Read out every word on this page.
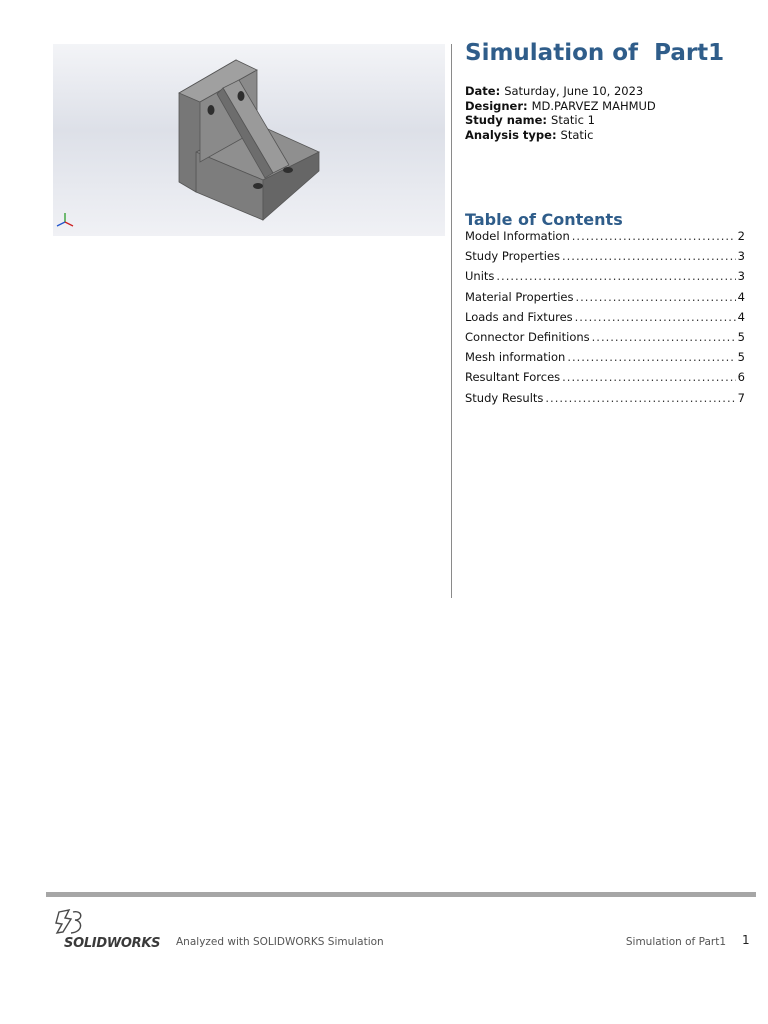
Simulation of  Part1
Date: Saturday, June 10, 2023
Designer: MD.PARVEZ MAHMUD
Study name: Static 1
Analysis type: Static
Table of Contents
Model Information .....	2
Study Properties .....	3
Units .....	3
Material Properties .....	4
Loads and Fixtures .....	4
Connector Definitions .....	5
Mesh information .....	5
Resultant Forces .....	6
Study Results .....	7
SOLIDWORKS Analyzed with SOLIDWORKS Simulation	Simulation of Part1 1
